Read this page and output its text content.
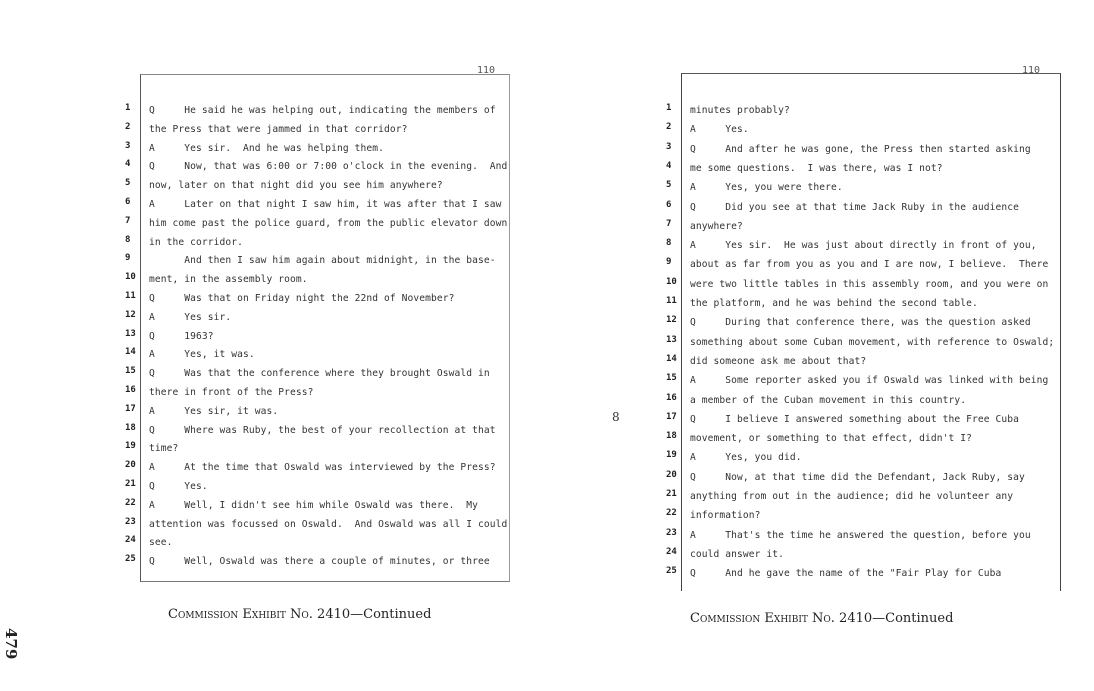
110
1 Q     He said he was helping out, indicating the members of
2 the Press that were jammed in that corridor?
3 A     Yes sir.  And he was helping them.
4 Q     Now, that was 6:00 or 7:00 o'clock in the evening.  And
5 now, later on that night did you see him anywhere?
6 A     Later on that night I saw him, it was after that I saw
7 him come past the police guard, from the public elevator down
8 in the corridor.
9 And then I saw him again about midnight, in the base-
10 ment, in the assembly room.
11 Q     Was that on Friday night the 22nd of November?
12 A     Yes sir.
13 Q     1963?
14 A     Yes, it was.
15 Q     Was that the conference where they brought Oswald in
16 there in front of the Press?
17 A     Yes sir, it was.
18 Q     Where was Ruby, the best of your recollection at that
19 time?
20 A     At the time that Oswald was interviewed by the Press?
21 Q     Yes.
22 A     Well, I didn't see him while Oswald was there.  My
23 attention was focussed on Oswald.  And Oswald was all I could
24 see.
25 Q     Well, Oswald was there a couple of minutes, or three
110
1 minutes probably?
2 A     Yes.
3 Q     And after he was gone, the Press then started asking
4 me some questions.  I was there, was I not?
5 A     Yes, you were there.
6 Q     Did you see at that time Jack Ruby in the audience
7 anywhere?
8 A     Yes sir.  He was just about directly in front of you,
9 about as far from you as you and I are now, I believe.  There
10 were two little tables in this assembly room, and you were on
11 the platform, and he was behind the second table.
12 Q     During that conference there, was the question asked
13 something about some Cuban movement, with reference to Oswald;
14 did someone ask me about that?
15 A     Some reporter asked you if Oswald was linked with being
16 a member of the Cuban movement in this country.
17 Q     I believe I answered something about the Free Cuba
18 movement, or something to that effect, didn't I?
19 A     Yes, you did.
20 Q     Now, at that time did the Defendant, Jack Ruby, say
21 anything from out in the audience; did he volunteer any
22 information?
23 A     That's the time he answered the question, before you
24 could answer it.
25 Q     And he gave the name of the "Fair Play for Cuba
Commission Exhibit No. 2410—Continued	Commission Exhibit No. 2410—Continued
8
479
